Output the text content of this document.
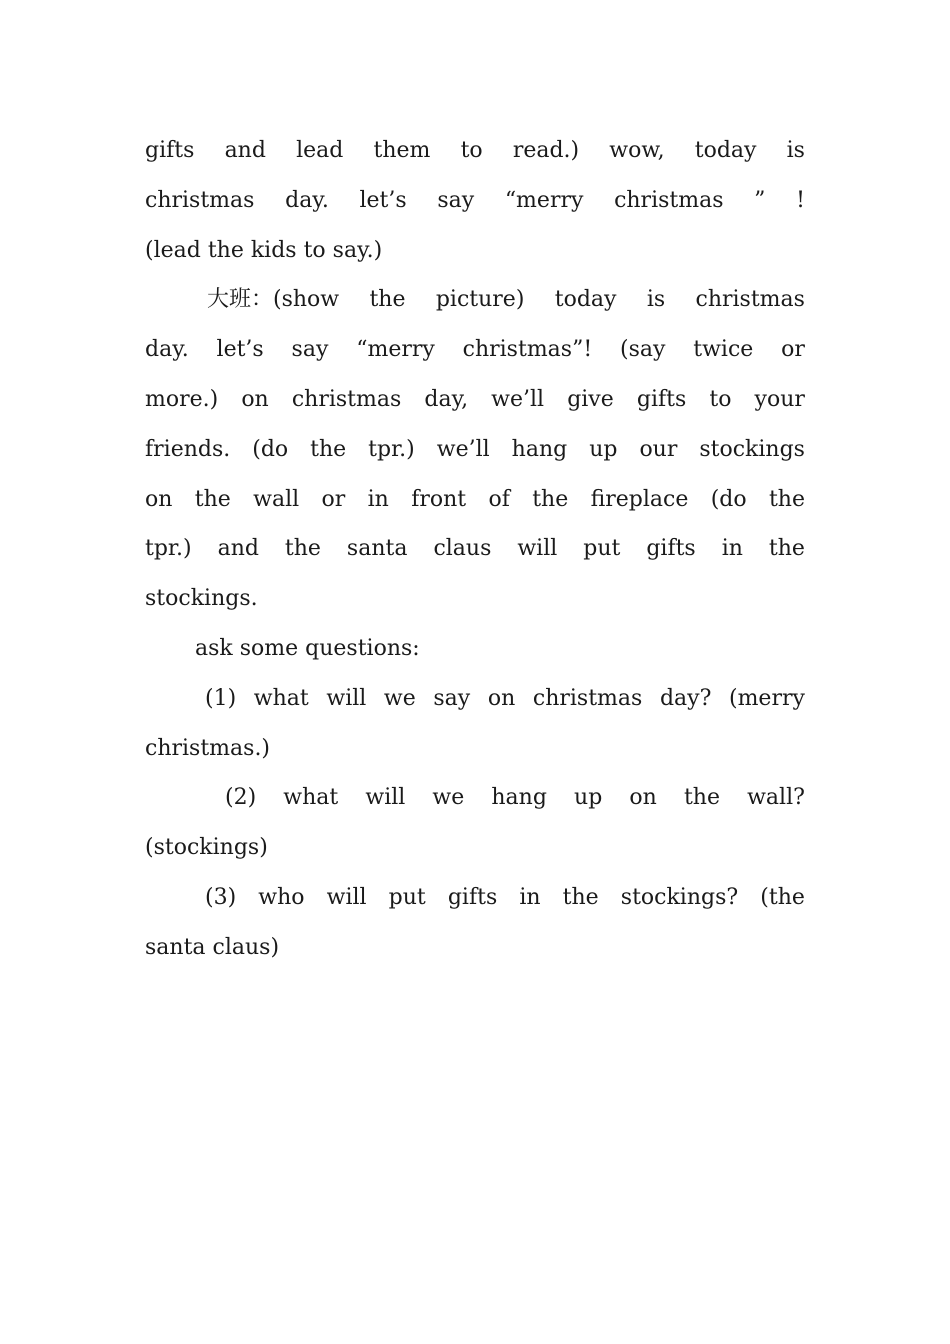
gifts and lead them to read.) wow, today is
christmas day. let’s say “merry christmas ” !
(lead the kids to say.)
大班：(show the picture) today is christmas
day. let’s say “merry christmas”! (say twice or
more.) on christmas day, we’ll give gifts to your
friends. (do the tpr.) we’ll hang up our stockings
on the wall or in front of the fireplace (do the
tpr.) and the santa claus will put gifts in the
stockings.
ask some questions:
(1) what will we say on christmas day? (merry
christmas.)
(2) what will we hang up on the wall?
(stockings)
(3) who will put gifts in the stockings? (the
santa claus)
